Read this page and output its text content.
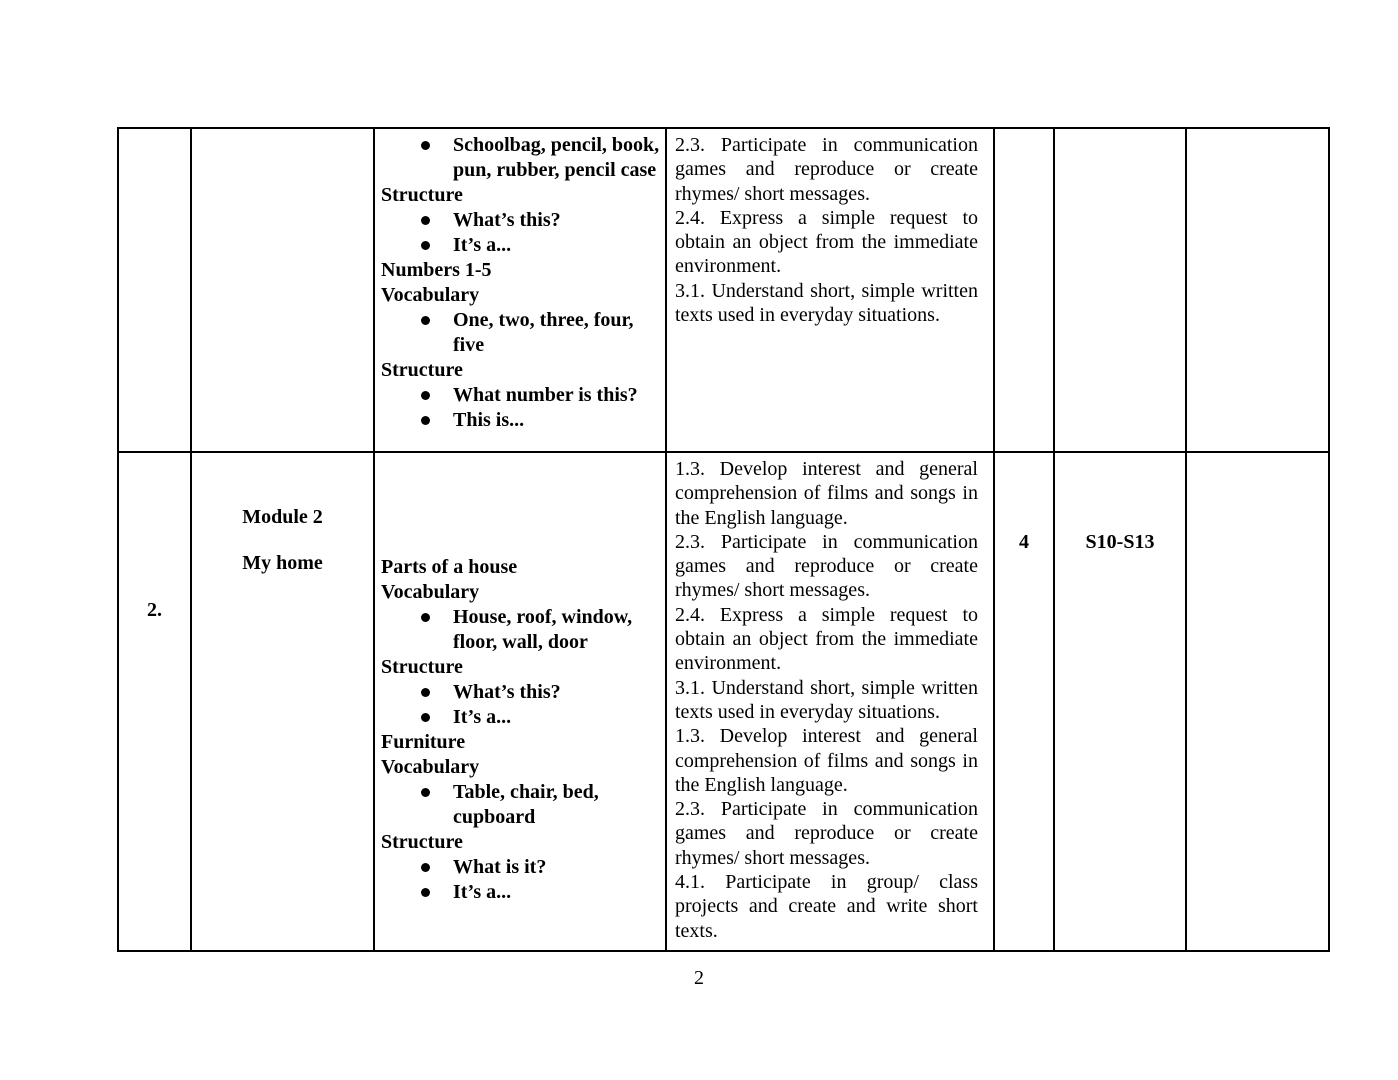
Schoolbag, pencil, book, pun, rubber, pencil case
Structure
What’s this?
It’s a...
Numbers 1-5
Vocabulary
One, two, three, four, five
Structure
What number is this?
This is...

2.3. Participate in communication games and reproduce or create rhymes/ short messages.

2.4. Express a simple request to obtain an object from the immediate environment.

3.1. Understand short, simple written texts used in everyday situations.

2.
Module 2
My home	Parts of a house
Vocabulary
House, roof, window, floor, wall, door
Structure
What’s this?
It’s a...
Furniture
Vocabulary
Table, chair, bed, cupboard
Structure
What is it?
It’s a...

1.3. Develop interest and general comprehension of films and songs in the English language.

2.3. Participate in communication games and reproduce or create rhymes/ short messages.

2.4. Express a simple request to obtain an object from the immediate environment.

3.1. Understand short, simple written texts used in everyday situations.

1.3. Develop interest and general comprehension of films and songs in the English language.

2.3. Participate in communication games and reproduce or create rhymes/ short messages.

4.1. Participate in group/ class projects and create and write short texts.

4	S10-S13
2
